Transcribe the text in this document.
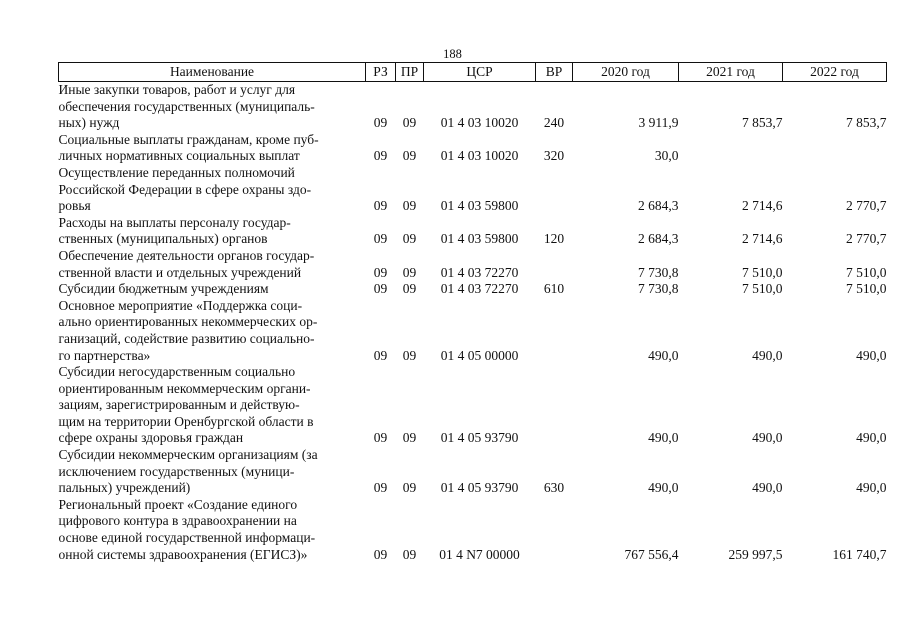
188
Наименование	РЗ	ПР	ЦСР	ВР	2020 год	2021 год	2022 год

Иные закупки товаров, работ и услуг для
обеспечения государственных (муниципаль-
ных) нужд	09	09	01 4 03 10020	240	3 911,9	7 853,7	7 853,7

Социальные выплаты гражданам, кроме пуб-
личных нормативных социальных выплат	09	09	01 4 03 10020	320	30,0		

Осуществление переданных полномочий
Российской Федерации в сфере охраны здо-
ровья	09	09	01 4 03 59800		2 684,3	2 714,6	2 770,7

Расходы на выплаты персоналу государ-
ственных (муниципальных) органов	09	09	01 4 03 59800	120	2 684,3	2 714,6	2 770,7

Обеспечение деятельности органов государ-
ственной власти и отдельных учреждений	09	09	01 4 03 72270		7 730,8	7 510,0	7 510,0

Субсидии бюджетным учреждениям	09	09	01 4 03 72270	610	7 730,8	7 510,0	7 510,0

Основное мероприятие «Поддержка соци-
ально ориентированных некоммерческих ор-
ганизаций, содействие развитию социально-
го партнерства»	09	09	01 4 05 00000		490,0	490,0	490,0

Субсидии негосударственным социально
ориентированным некоммерческим органи-
зациям, зарегистрированным и действую-
щим на территории Оренбургской области в
сфере охраны здоровья граждан	09	09	01 4 05 93790		490,0	490,0	490,0

Субсидии некоммерческим организациям (за
исключением государственных (муници-
пальных) учреждений)	09	09	01 4 05 93790	630	490,0	490,0	490,0

Региональный проект «Создание единого
цифрового контура в здравоохранении на
основе единой государственной информаци-
онной системы здравоохранения (ЕГИСЗ)»	09	09	01 4 N7 00000		767 556,4	259 997,5	161 740,7
